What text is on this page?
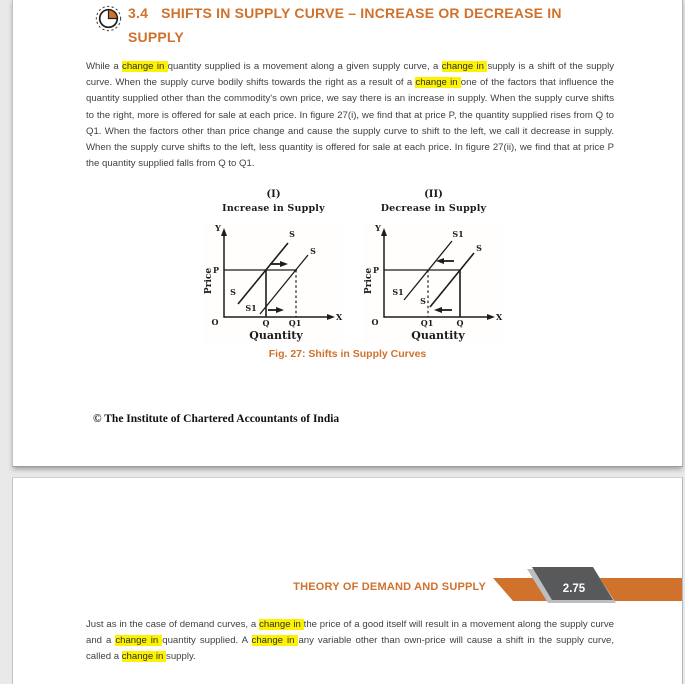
3.4 SHIFTS IN SUPPLY CURVE – INCREASE OR DECREASE IN SUPPLY
While a change in quantity supplied is a movement along a given supply curve, a change in supply is a shift of the supply curve. When the supply curve bodily shifts towards the right as a result of a change in one of the factors that influence the quantity supplied other than the commodity's own price, we say there is an increase in supply. When the supply curve shifts to the right, more is offered for sale at each price. In figure 27(i), we find that at price P, the quantity supplied rises from Q to Q1. When the factors other than price change and cause the supply curve to shift to the left, we call it decrease in supply. When the supply curve shifts to the left, less quantity is offered for sale at each price. In figure 27(ii), we find that at price P the quantity supplied falls from Q to Q1.
(I)
Increase in Supply
Y
X
O
P
Q Q1
S
S
S
S1
Price
Quantity
(II)
Decrease in Supply
Y
X
O
P
Q1	Q
S
S
S1
S1
Price
Quantity
Fig. 27: Shifts in Supply Curves
© The Institute of Chartered Accountants of India
THEORY OF DEMAND AND SUPPLY	2.75
Just as in the case of demand curves, a change in the price of a good itself will result in a movement along the supply curve and a change in quantity supplied. A change in any variable other than own-price will cause a shift in the supply curve, called a change in supply.
